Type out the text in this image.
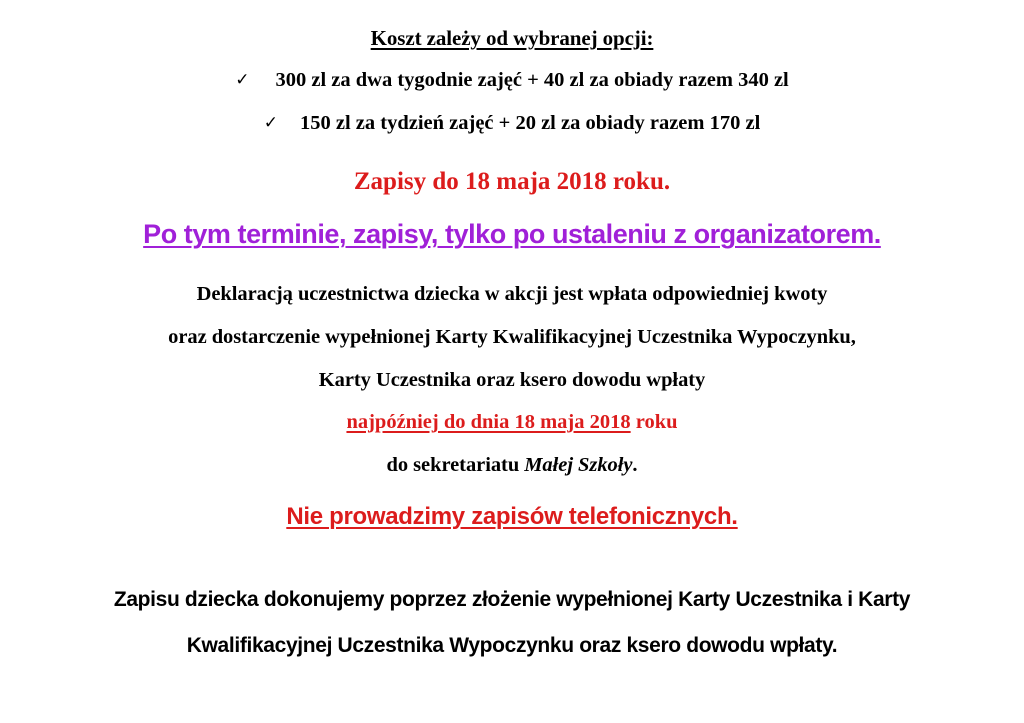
Koszt zależy od wybranej opcji:
✓ 300 zl za dwa tygodnie zajęć + 40 zl za obiady razem 340 zl
✓ 150 zl za tydzień zajęć + 20 zl za obiady razem 170 zl
Zapisy do 18 maja 2018 roku.
Po tym terminie, zapisy, tylko po ustaleniu z organizatorem.
Deklaracją uczestnictwa dziecka w akcji jest wpłata odpowiedniej kwoty
oraz dostarczenie wypełnionej Karty Kwalifikacyjnej Uczestnika Wypoczynku,
Karty Uczestnika oraz ksero dowodu wpłaty
najpóźniej do dnia 18 maja 2018 roku
do sekretariatu Małej Szkoły.
Nie prowadzimy zapisów telefonicznych.
Zapisu dziecka dokonujemy poprzez złożenie wypełnionej Karty Uczestnika i Karty
Kwalifikacyjnej Uczestnika Wypoczynku oraz ksero dowodu wpłaty.
